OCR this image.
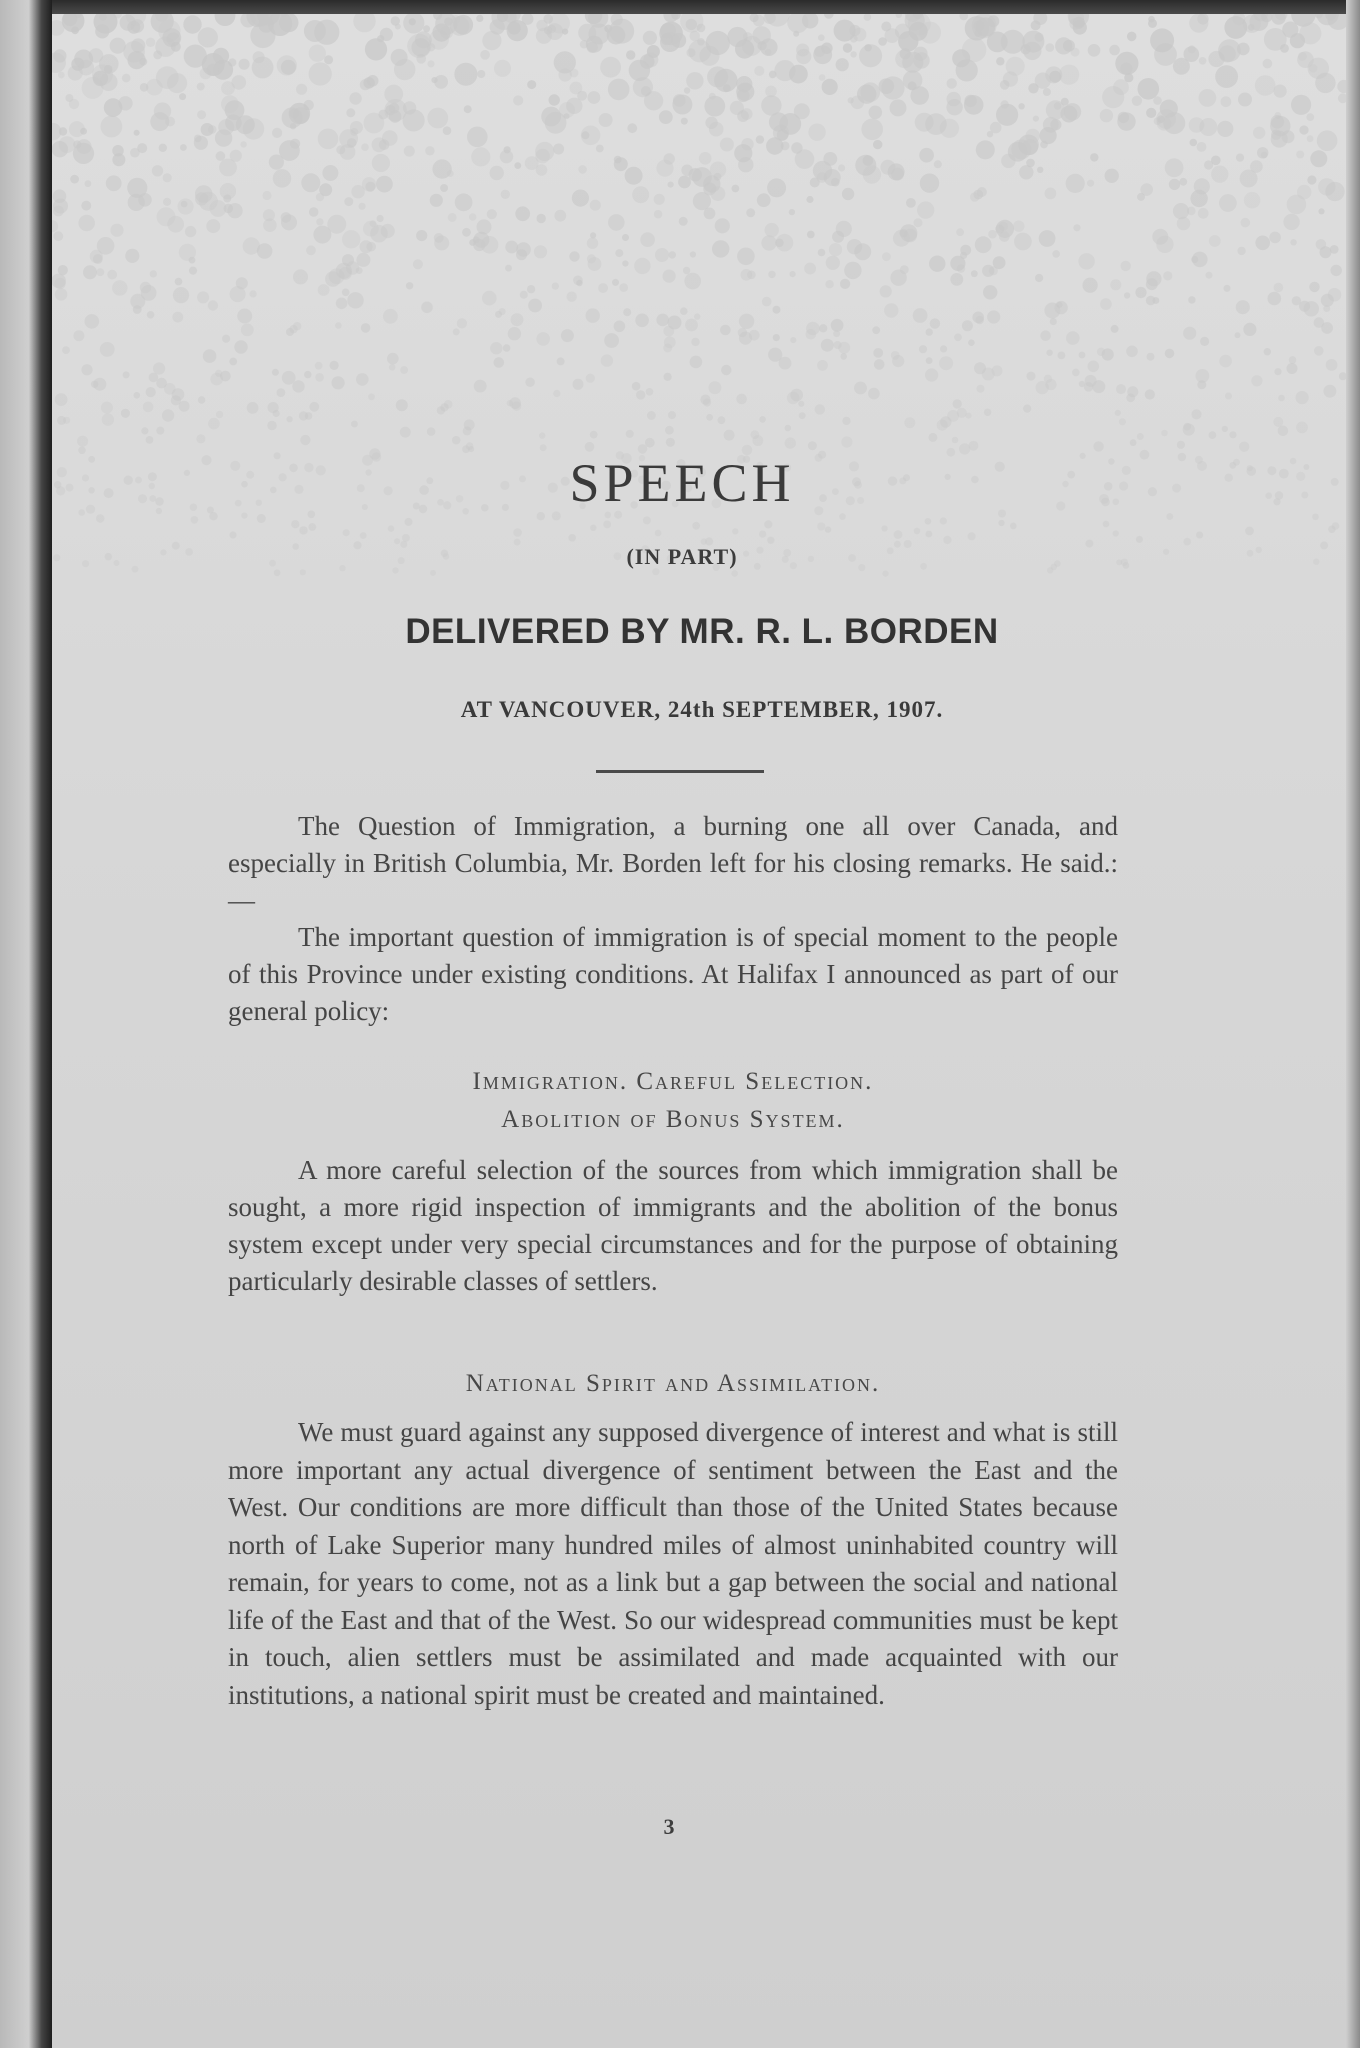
SPEECH
(IN PART)
DELIVERED BY MR. R. L. BORDEN
AT VANCOUVER, 24th SEPTEMBER, 1907.

The Question of Immigration, a burning one all over Canada, and especially in British Columbia, Mr. Borden left for his closing remarks. He said.:—

The important question of immigration is of special moment to the people of this Province under existing conditions. At Halifax I announced as part of our general policy:

Immigration. Careful Selection.
Abolition of Bonus System.

A more careful selection of the sources from which immigration shall be sought, a more rigid inspection of immigrants and the abolition of the bonus system except under very special circumstances and for the purpose of obtaining particularly desirable classes of settlers.

National Spirit and Assimilation.

We must guard against any supposed divergence of interest and what is still more important any actual divergence of sentiment between the East and the West. Our conditions are more difficult than those of the United States because north of Lake Superior many hundred miles of almost uninhabited country will remain, for years to come, not as a link but a gap between the social and national life of the East and that of the West. So our widespread communities must be kept in touch, alien settlers must be assimilated and made acquainted with our institutions, a national spirit must be created and maintained.

3
